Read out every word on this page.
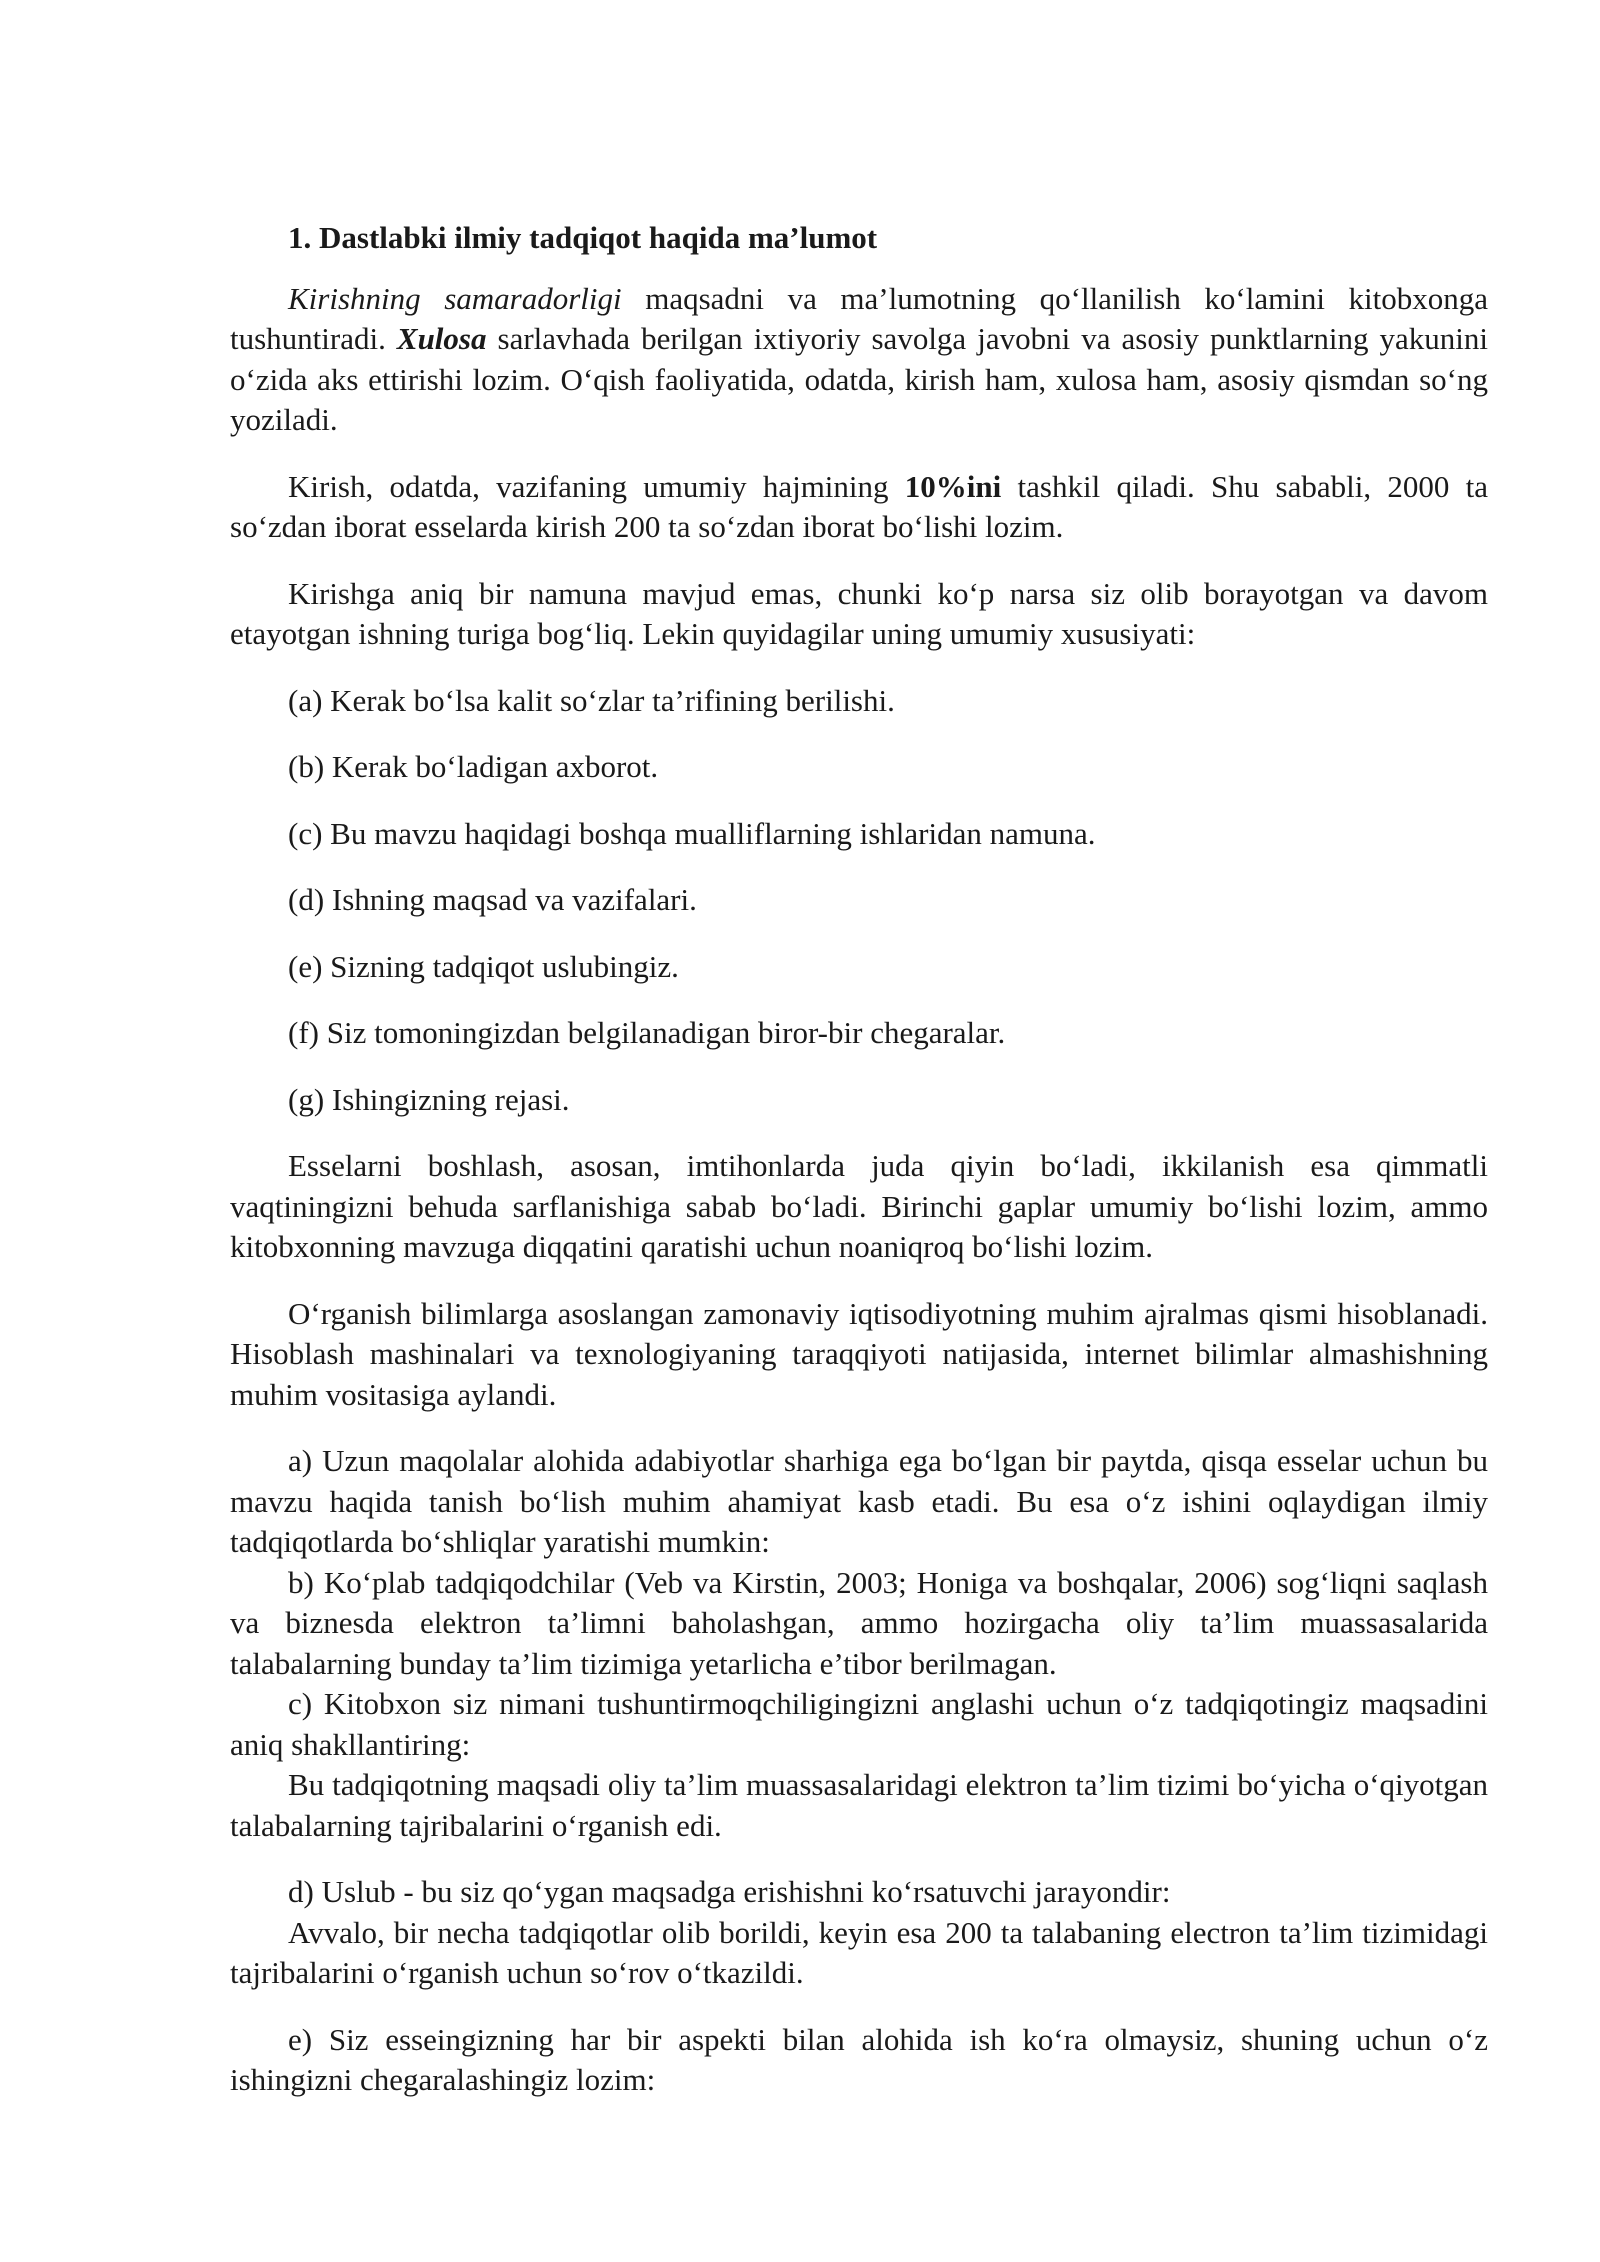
1. Dastlabki ilmiy tadqiqot haqida ma’lumot

Kirishning samaradorligi maqsadni va ma’lumotning qo‘llanilish ko‘lamini kitobxonga tushuntiradi. Xulosa sarlavhada berilgan ixtiyoriy savolga javobni va asosiy punktlarning yakunini o‘zida aks ettirishi lozim. O‘qish faoliyatida, odatda, kirish ham, xulosa ham, asosiy qismdan so‘ng yoziladi.

Kirish, odatda, vazifaning umumiy hajmining 10%ini tashkil qiladi. Shu sababli, 2000 ta so‘zdan iborat esselarda kirish 200 ta so‘zdan iborat bo‘lishi lozim.

Kirishga aniq bir namuna mavjud emas, chunki ko‘p narsa siz olib borayotgan va davom etayotgan ishning turiga bog‘liq. Lekin quyidagilar uning umumiy xususiyati:

(a) Kerak bo‘lsa kalit so‘zlar ta’rifining berilishi.
(b) Kerak bo‘ladigan axborot.
(c) Bu mavzu haqidagi boshqa mualliflarning ishlaridan namuna.
(d) Ishning maqsad va vazifalari.
(e) Sizning tadqiqot uslubingiz.
(f) Siz tomoningizdan belgilanadigan biror-bir chegaralar.
(g) Ishingizning rejasi.

Esselarni boshlash, asosan, imtihonlarda juda qiyin bo‘ladi, ikkilanish esa qimmatli vaqtiningizni behuda sarflanishiga sabab bo‘ladi. Birinchi gaplar umumiy bo‘lishi lozim, ammo kitobxonning mavzuga diqqatini qaratishi uchun noaniqroq bo‘lishi lozim.

O‘rganish bilimlarga asoslangan zamonaviy iqtisodiyotning muhim ajralmas qismi hisoblanadi. Hisoblash mashinalari va texnologiyaning taraqqiyoti natijasida, internet bilimlar almashishning muhim vositasiga aylandi.

a) Uzun maqolalar alohida adabiyotlar sharhiga ega bo‘lgan bir paytda, qisqa esselar uchun bu mavzu haqida tanish bo‘lish muhim ahamiyat kasb etadi. Bu esa o‘z ishini oqlaydigan ilmiy tadqiqotlarda bo‘shliqlar yaratishi mumkin:

b) Ko‘plab tadqiqodchilar (Veb va Kirstin, 2003; Honiga va boshqalar, 2006) sog‘liqni saqlash va biznesda elektron ta’limni baholashgan, ammo hozirgacha oliy ta’lim muassasalarida talabalarning bunday ta’lim tizimiga yetarlicha e’tibor berilmagan.

c) Kitobxon siz nimani tushuntirmoqchiligingizni anglashi uchun o‘z tadqiqotingiz maqsadini aniq shakllantiring:

Bu tadqiqotning maqsadi oliy ta’lim muassasalaridagi elektron ta’lim tizimi bo‘yicha o‘qiyotgan talabalarning tajribalarini o‘rganish edi.

d) Uslub - bu siz qo‘ygan maqsadga erishishni ko‘rsatuvchi jarayondir:

Avvalo, bir necha tadqiqotlar olib borildi, keyin esa 200 ta talabaning electron ta’lim tizimidagi tajribalarini o‘rganish uchun so‘rov o‘tkazildi.

e) Siz esseingizning har bir aspekti bilan alohida ish ko‘ra olmaysiz, shuning uchun o‘z ishingizni chegaralashingiz lozim:
